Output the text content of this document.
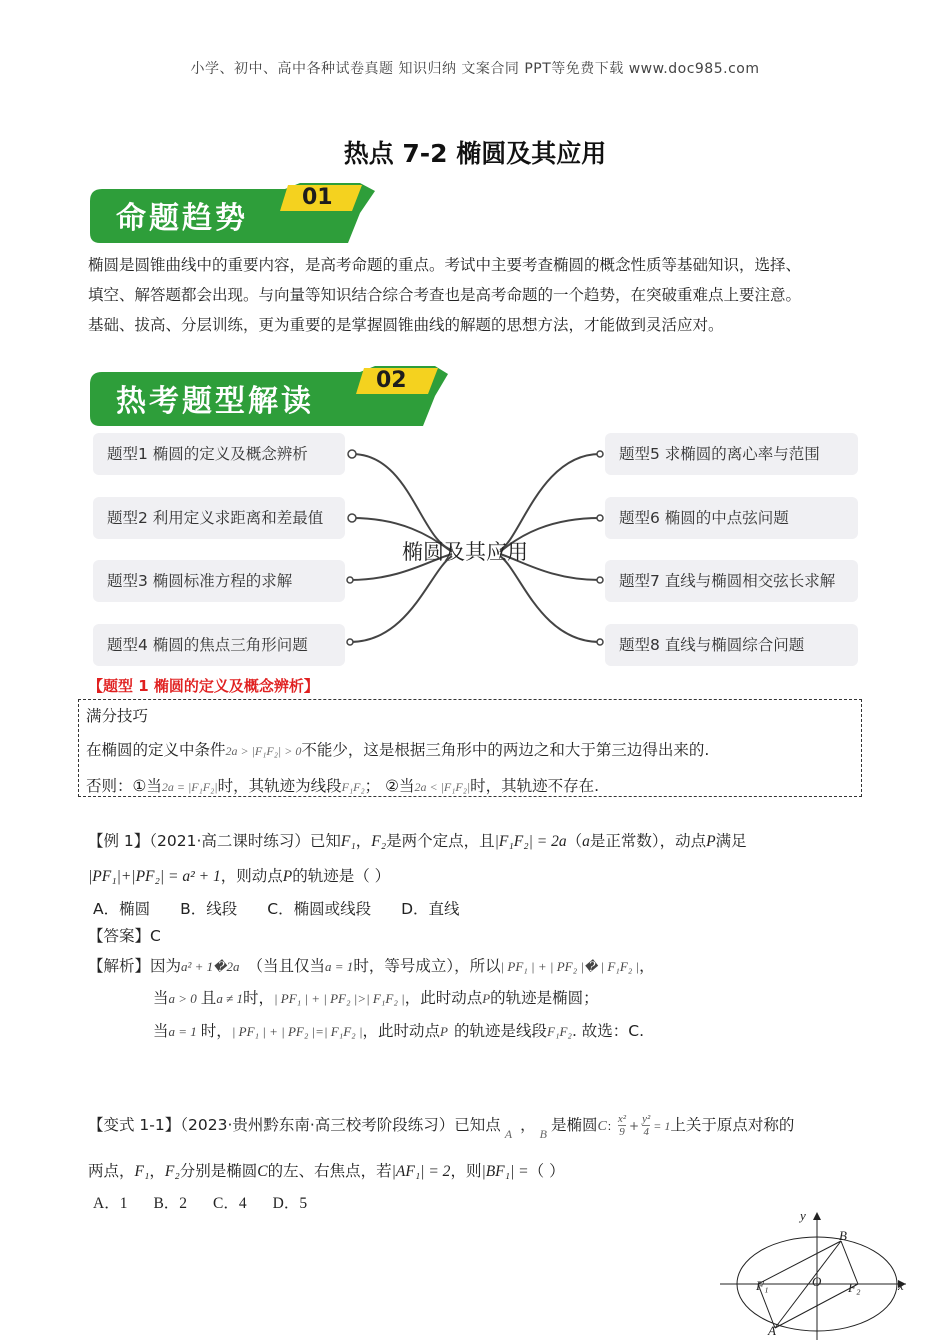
小学、初中、高中各种试卷真题 知识归纳 文案合同 PPT等免费下载 www.doc985.com
热点 7-2 椭圆及其应用
命题趋势
01
椭圆是圆锥曲线中的重要内容，是高考命题的重点。考试中主要考查椭圆的概念性质等基础知识，选择、
填空、解答题都会出现。与向量等知识结合综合考查也是高考命题的一个趋势，在突破重难点上要注意。
基础、拔高、分层训练，更为重要的是掌握圆锥曲线的解题的思想方法，才能做到灵活应对。
热考题型解读
02
椭圆及其应用
题型1 椭圆的定义及概念辨析
题型2 利用定义求距离和差最值
题型3 椭圆标准方程的求解
题型4 椭圆的焦点三角形问题
题型5 求椭圆的离心率与范围
题型6 椭圆的中点弦问题
题型7 直线与椭圆相交弦长求解
题型8 直线与椭圆综合问题
【题型 1 椭圆的定义及概念辨析】
满分技巧
在椭圆的定义中条件2a > |F₁F₂| > 0不能少，这是根据三角形中的两边之和大于第三边得出来的.
否则：①当2a = |F₁F₂|时，其轨迹为线段F₁F₂； ②当2a < |F₁F₂|时，其轨迹不存在.
【例 1】（2021·高二课时练习）已知F₁，F₂是两个定点，且|F₁F₂| = 2a（a是正常数），动点P满足
|PF₁|+|PF₂| = a² + 1，则动点P的轨迹是（ ）
A．椭圆 B．线段 C．椭圆或线段 D．直线
【答案】C
【解析】因为a² + 1�2a （当且仅当a = 1时，等号成立），所以| PF₁ | + | PF₂ |� | F₁F₂ |，
当a > 0 且a ≠ 1时，| PF₁ | + | PF₂ |>| F₁F₂ |，此时动点P的轨迹是椭圆；
当a = 1 时，| PF₁ | + | PF₂ |=| F₁F₂ |，此时动点P 的轨迹是线段F₁F₂. 故选：C.
【变式 1-1】（2023·贵州黔东南·高三校考阶段练习）已知点 $_A$ ， $_B$ 是椭圆C： $\frac{\text{x²}}{9} + \frac{\text{y²}}{4} = 1$上关于原点对称的
两点，F₁，F₂分别是椭圆C的左、右焦点，若|AF₁| = 2，则|BF₁| =（ ）
A．1 B．2 C．4 D．5
y
x
O
B
A
F₁	F₂
